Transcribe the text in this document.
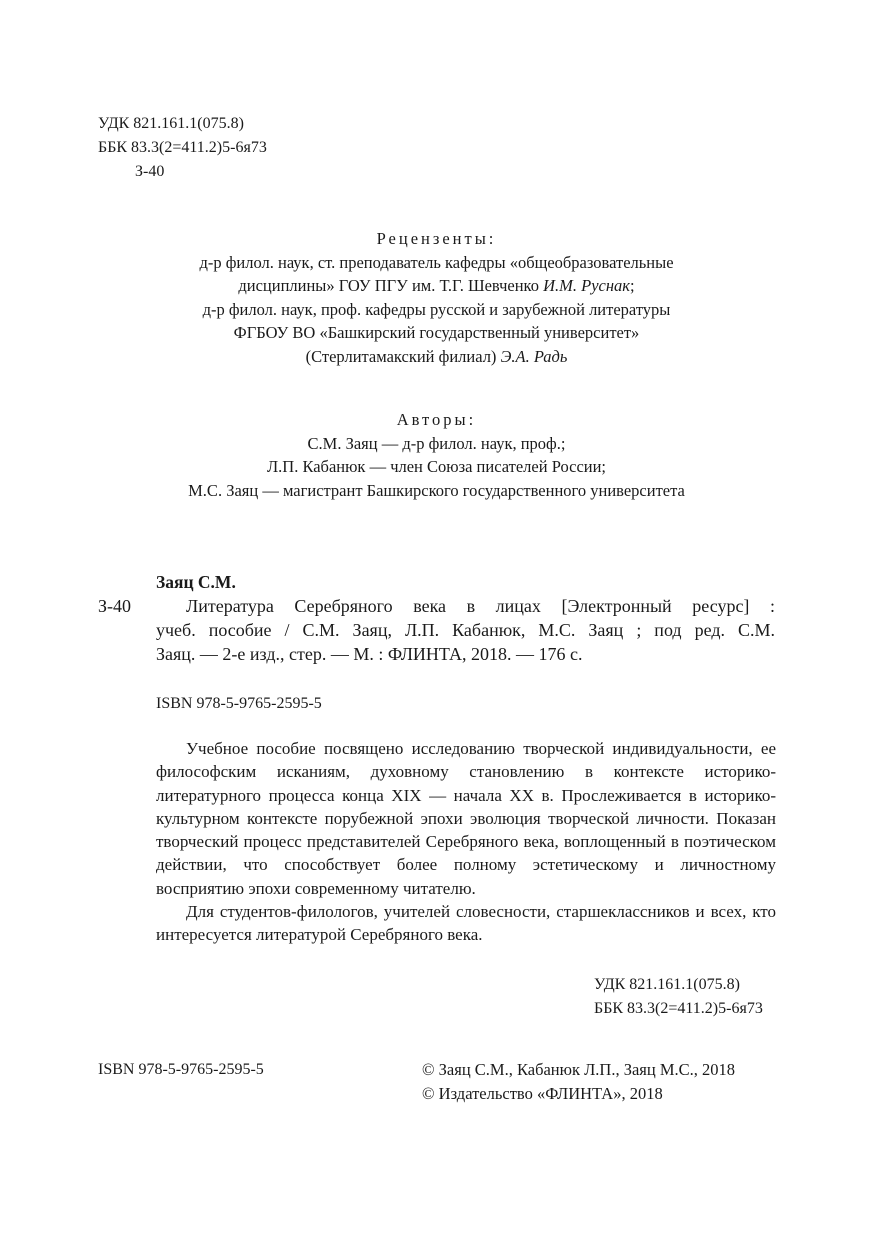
УДК 821.161.1(075.8)
ББК 83.3(2=411.2)5-6я73
З-40
Рецензенты:
д-р филол. наук, ст. преподаватель кафедры «общеобразовательные
дисциплины» ГОУ ПГУ им. Т.Г. Шевченко И.М. Руснак;
д-р филол. наук, проф. кафедры русской и зарубежной литературы
ФГБОУ ВО «Башкирский государственный университет»
(Стерлитамакский филиал) Э.А. Радь
Авторы:
С.М. Заяц — д-р филол. наук, проф.;
Л.П. Кабанюк — член Союза писателей России;
М.С. Заяц — магистрант Башкирского государственного университета
Заяц С.М.
З-40	Литература Серебряного века в лицах [Электронный ресурс] :
учеб. пособие / С.М. Заяц, Л.П. Кабанюк, М.С. Заяц ; под ред. С.М.
Заяц. — 2-е изд., стер. — М. : ФЛИНТА, 2018. — 176 с.
ISBN 978-5-9765-2595-5

Учебное пособие посвящено исследованию творческой индивидуальности, ее философским исканиям, духовному становлению в контексте историко-литературного процесса конца XIX — начала XX в. Прослеживается в историко-культурном контексте порубежной эпохи эволюция творческой личности. Показан творческий процесс представителей Серебряного века, воплощенный в поэтическом действии, что способствует более полному эстетическому и личностному восприятию эпохи современному читателю.

Для студентов-филологов, учителей словесности, старшеклассников и всех, кто интересуется литературой Серебряного века.

УДК 821.161.1(075.8)
ББК 83.3(2=411.2)5-6я73
ISBN 978-5-9765-2595-5	© Заяц С.М., Кабанюк Л.П., Заяц М.С., 2018
© Издательство «ФЛИНТА», 2018
